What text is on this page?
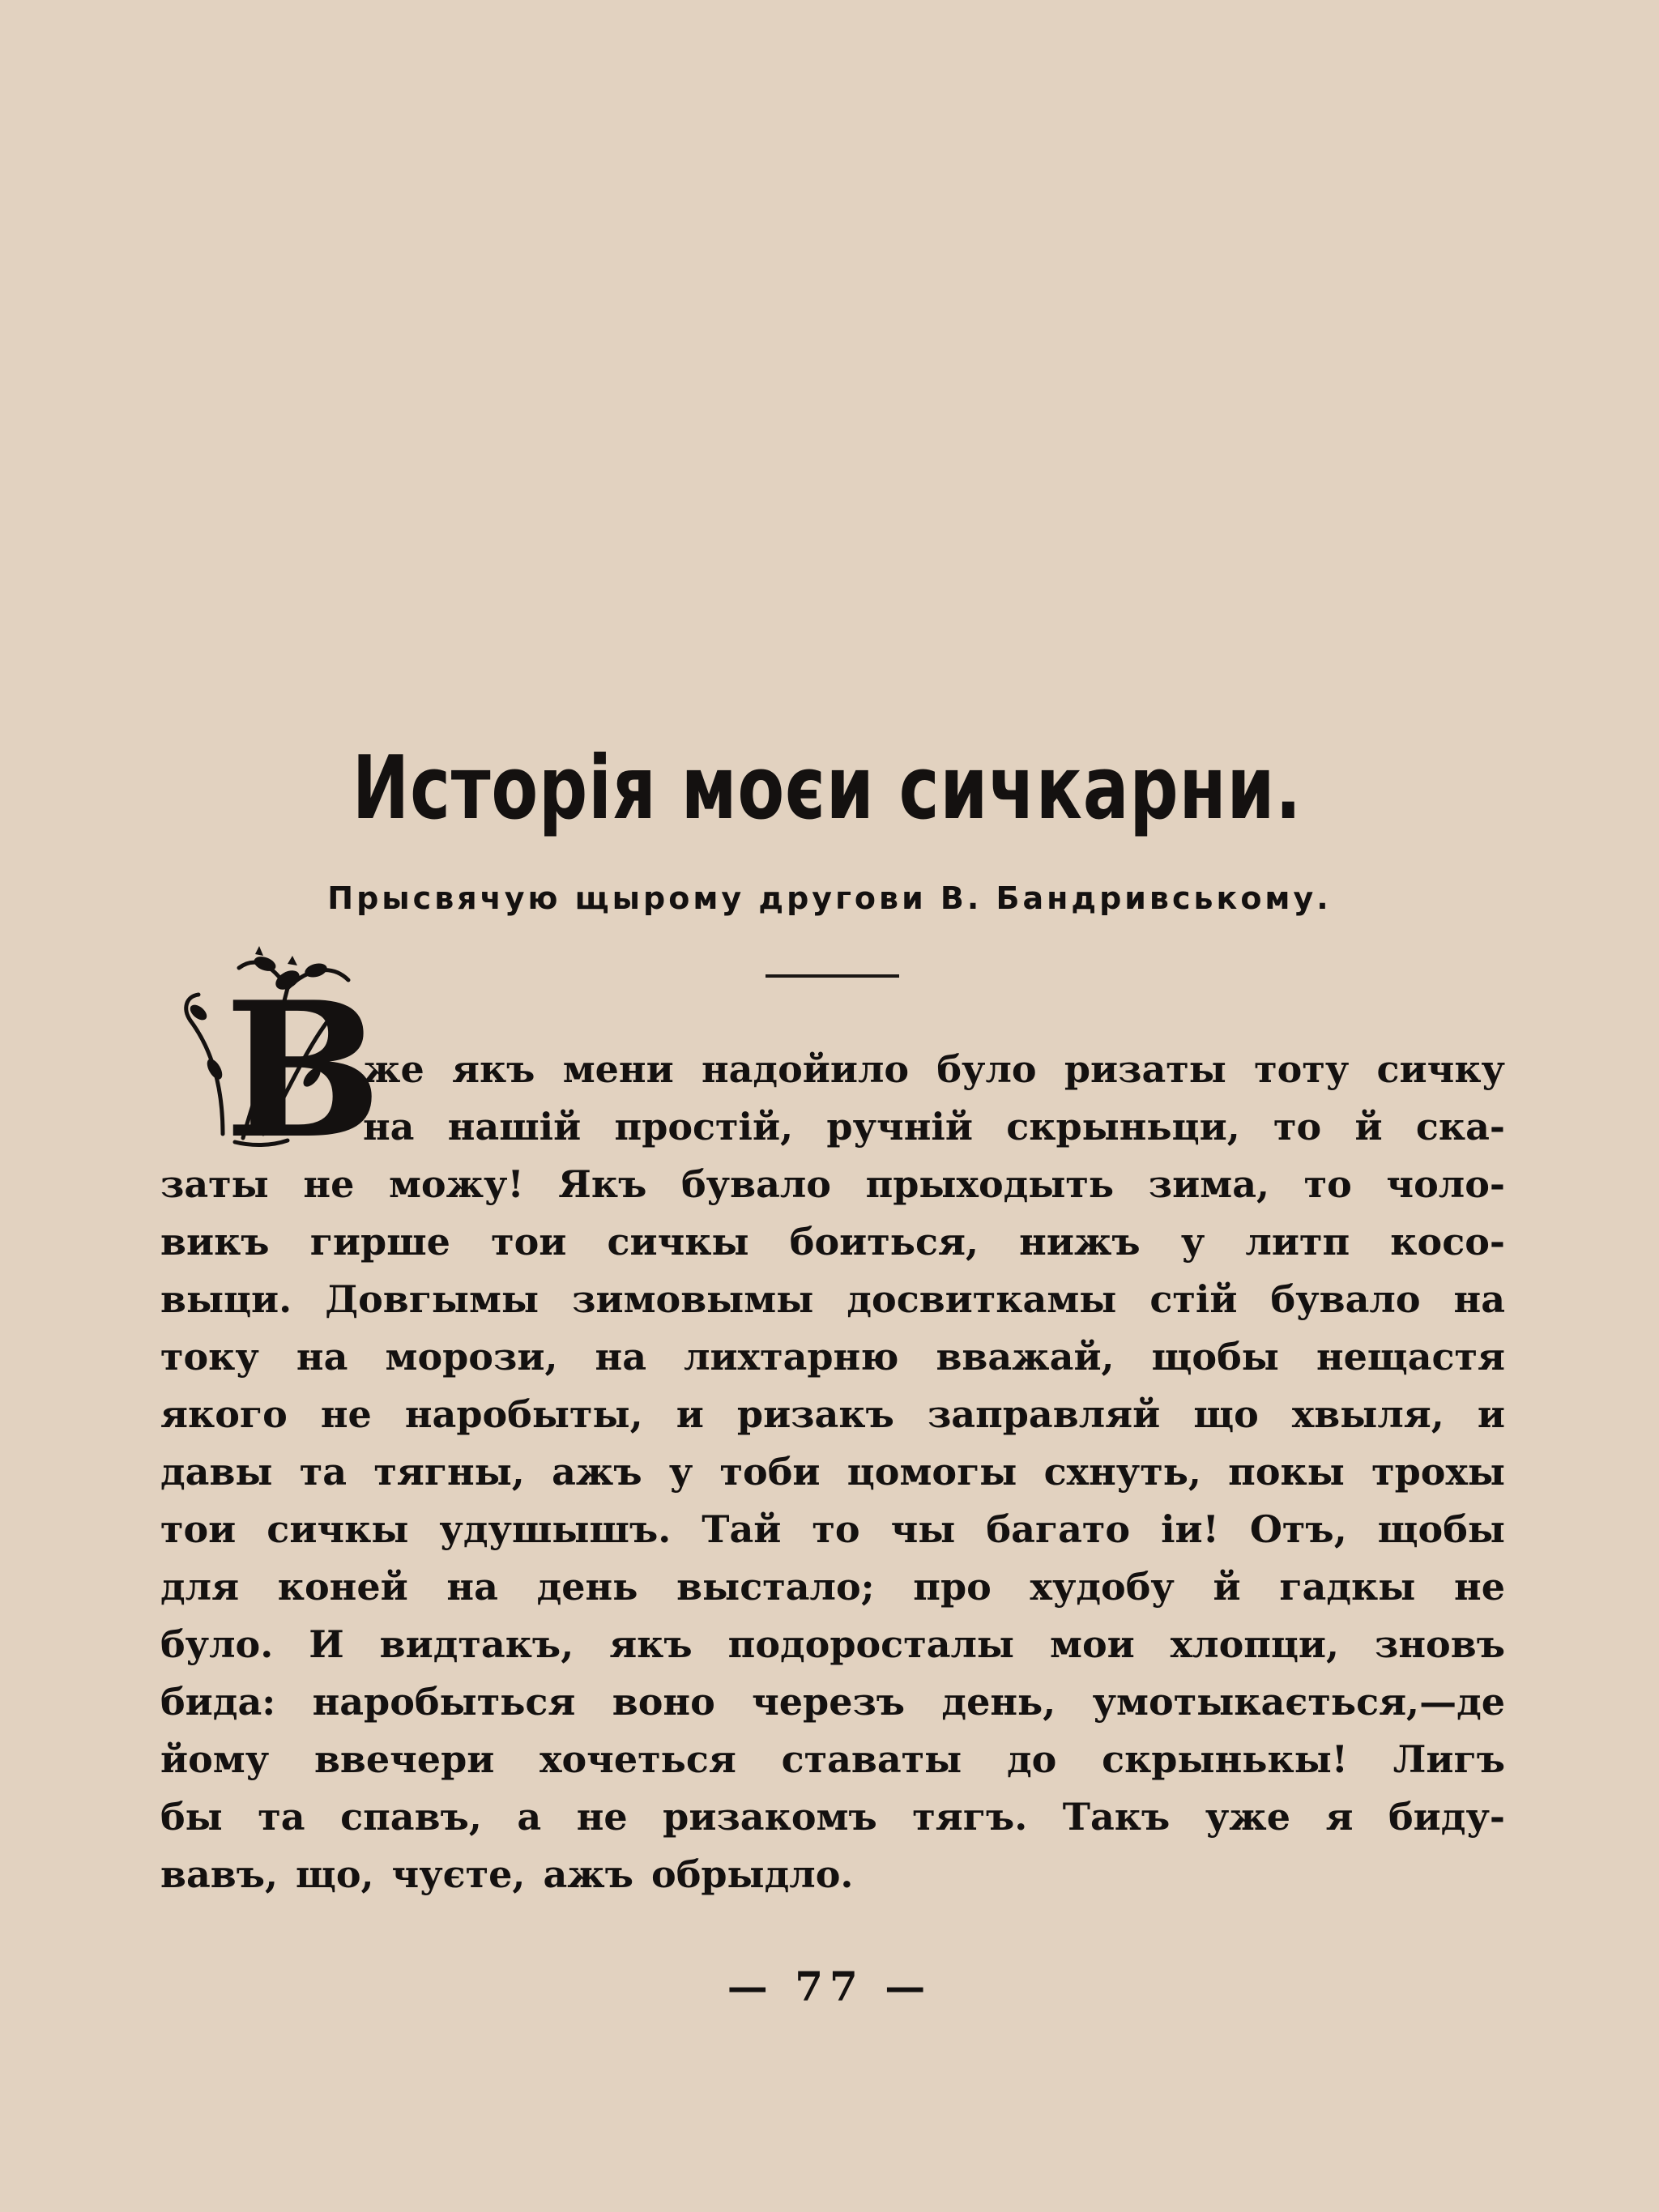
Исторія моєи сичкарни.
Прысвячую щырому другови В. Бандривському.
В
же якъ мени надойило було ризаты тоту сичку
на нашій простій, ручній скрыньци, то й ска-
заты не можу! Якъ бувало прыходыть зима, то чоло-
викъ гирше тои сичкы боиться, нижъ у литп косо-
выци. Довгымы зимовымы досвиткамы стій бувало на
току на морози, на лихтарню вважай, щобы нещастя
якого не наробыты, и ризакъ заправляй що хвыля, и
давы та тягны, ажъ у тоби цомогы схнуть, покы трохы
тои сичкы удушышъ. Тай то чы багато іи! Отъ, щобы
для коней на день выстало; про худобу й гадкы не
було. И видтакъ, якъ подоросталы мои хлопци, зновъ
бида: наробыться воно черезъ день, умотыкається,—де
йому ввечери хочеться ставаты до скрынькы! Лигъ
бы та спавъ, а не ризакомъ тягъ. Такъ уже я биду-
вавъ, що, чуєте, ажъ обрыдло.
— 77 —
